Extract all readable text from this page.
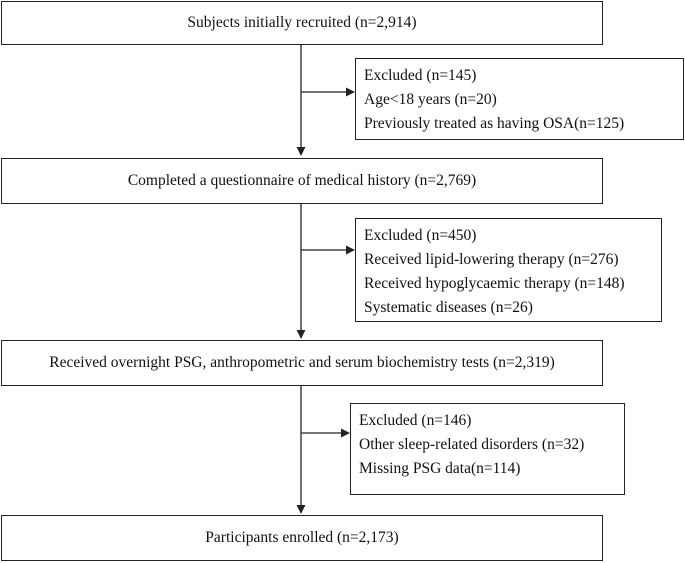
Subjects initially recruited (n=2,914)
Excluded (n=145)
Age<18 years (n=20)
Previously treated as having OSA(n=125)
Completed a questionnaire of medical history (n=2,769)
Excluded (n=450)
Received lipid-lowering therapy (n=276)
Received hypoglycaemic therapy (n=148)
Systematic diseases (n=26)
Received overnight PSG, anthropometric and serum biochemistry tests (n=2,319)
Excluded (n=146)
Other sleep-related disorders (n=32)
Missing PSG data(n=114)
Participants enrolled (n=2,173)
